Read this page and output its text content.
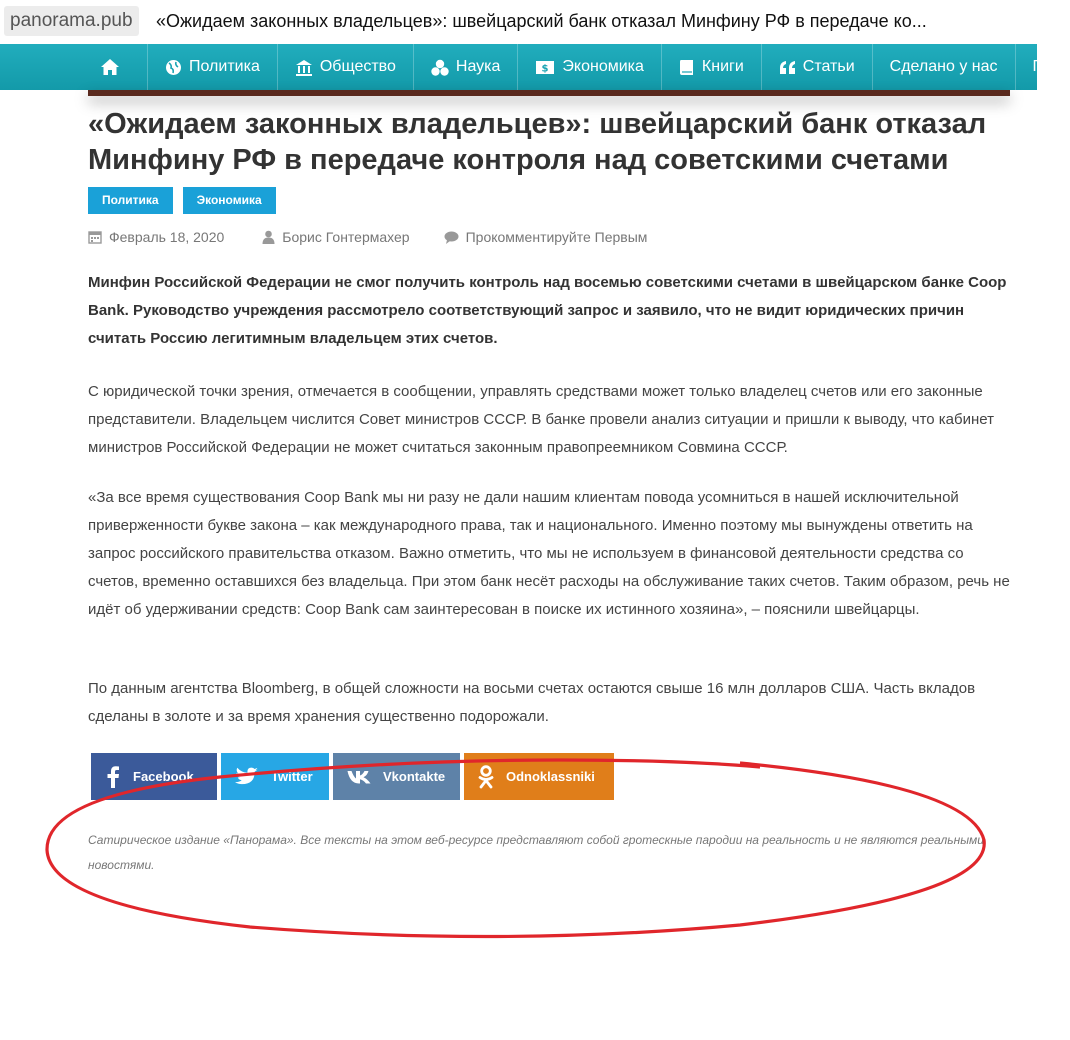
panorama.pub	«Ожидаем законных владельцев»: швейцарский банк отказал Минфину РФ в передаче ко...
Политика	Общество	Наука	$ Экономика	Книги	Статьи Сделано у нас По
«Ожидаем законных владельцев»: швейцарский банк отказал Минфину РФ в передаче контроля над советскими счетами
Политика	Экономика
Февраль 18, 2020	Борис Гонтермахер	Прокомментируйте Первым

Минфин Российской Федерации не смог получить контроль над восемью советскими счетами в швейцарском банке Coop Bank. Руководство учреждения рассмотрело соответствующий запрос и заявило, что не видит юридических причин считать Россию легитимным владельцем этих счетов.

С юридической точки зрения, отмечается в сообщении, управлять средствами может только владелец счетов или его законные представители. Владельцем числится Совет министров СССР. В банке провели анализ ситуации и пришли к выводу, что кабинет министров Российской Федерации не может считаться законным правопреемником Совмина СССР.

«За все время существования Coop Bank мы ни разу не дали нашим клиентам повода усомниться в нашей исключительной приверженности букве закона – как международного права, так и национального. Именно поэтому мы вынуждены ответить на запрос российского правительства отказом. Важно отметить, что мы не используем в финансовой деятельности средства со счетов, временно оставшихся без владельца. При этом банк несёт расходы на обслуживание таких счетов. Таким образом, речь не идёт об удерживании средств: Coop Bank сам заинтересован в поиске их истинного хозяина», – пояснили швейцарцы.

По данным агентства Bloomberg, в общей сложности на восьми счетах остаются свыше 16 млн долларов США. Часть вкладов сделаны в золоте и за время хранения существенно подорожали.

Facebook	Twitter	Vkontakte	Odnoklassniki

Сатирическое издание «Панорама». Все тексты на этом веб-ресурсе представляют собой гротескные пародии на реальность и не являются реальными новостями.
